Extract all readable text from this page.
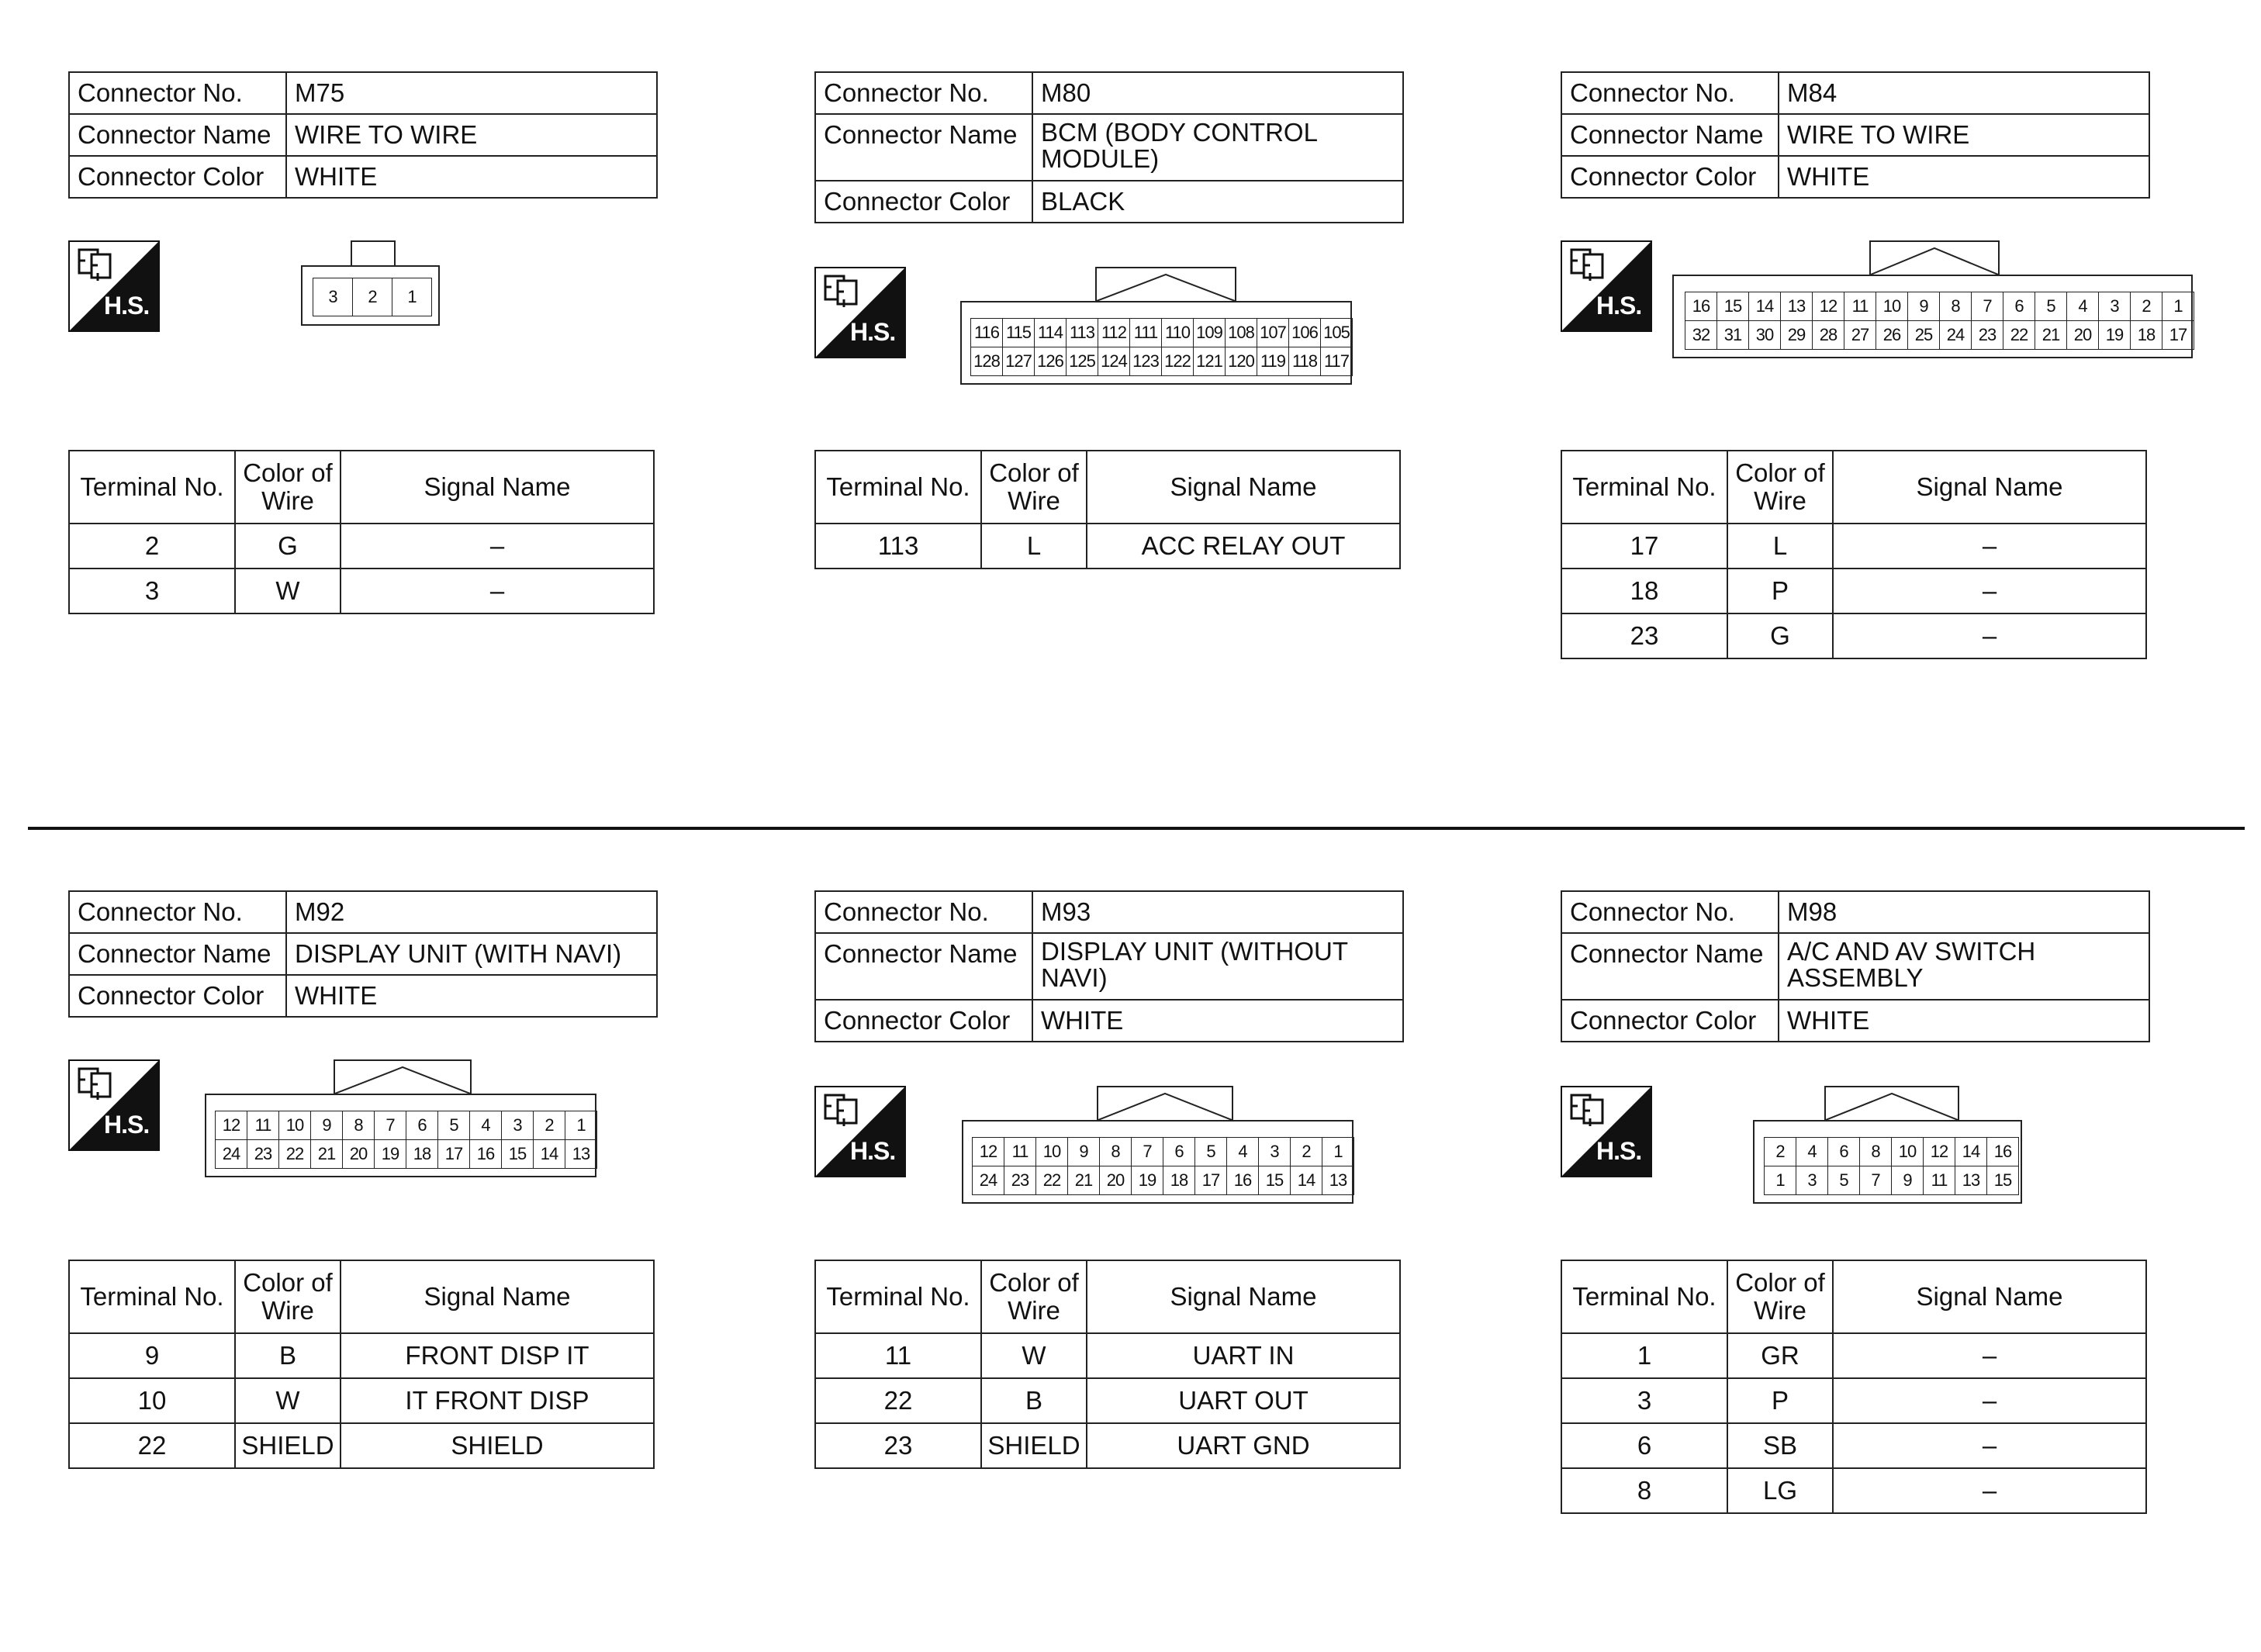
Connector No.	M75
Connector Name	WIRE TO WIRE
Connector Color	WHITE
H.S.	3	2	1
Terminal No.	Color of Wire	Signal Name
2	G	–
3	W	–
Connector No.	M80
Connector Name	BCM (BODY CONTROL MODULE)
Connector Color	BLACK
H.S.	116	115	114	113	112	111	110	109	108	107	106	105
128	127	126	125	124	123	122	121	120	119	118	117
Terminal No.	Color of Wire	Signal Name
113	L	ACC RELAY OUT
Connector No.	M84
Connector Name	WIRE TO WIRE
Connector Color	WHITE
H.S.	16	15	14	13	12	11	10	9	8	7	6	5	4	3	2	1
32	31	30	29	28	27	26	25	24	23	22	21	20	19	18	17
Terminal No.	Color of Wire	Signal Name
17	L	–
18	P	–
23	G	–
Connector No.	M92
Connector Name	DISPLAY UNIT (WITH NAVI)
Connector Color	WHITE
H.S.	12	11	10	9	8	7	6	5	4	3	2	1
24	23	22	21	20	19	18	17	16	15	14	13
Terminal No.	Color of Wire	Signal Name
9	B	FRONT DISP IT
10	W	IT FRONT DISP
22	SHIELD	SHIELD
Connector No.	M93
Connector Name	DISPLAY UNIT (WITHOUT NAVI)
Connector Color	WHITE
H.S.	12	11	10	9	8	7	6	5	4	3	2	1
24	23	22	21	20	19	18	17	16	15	14	13
Terminal No.	Color of Wire	Signal Name
11	W	UART IN
22	B	UART OUT
23	SHIELD	UART GND
Connector No.	M98
Connector Name	A/C AND AV SWITCH ASSEMBLY
Connector Color	WHITE
H.S.	2	4	6	8	10	12	14	16
1	3	5	7	9	11	13	15
Terminal No.	Color of Wire	Signal Name
1	GR	–
3	P	–
6	SB	–
8	LG	–
